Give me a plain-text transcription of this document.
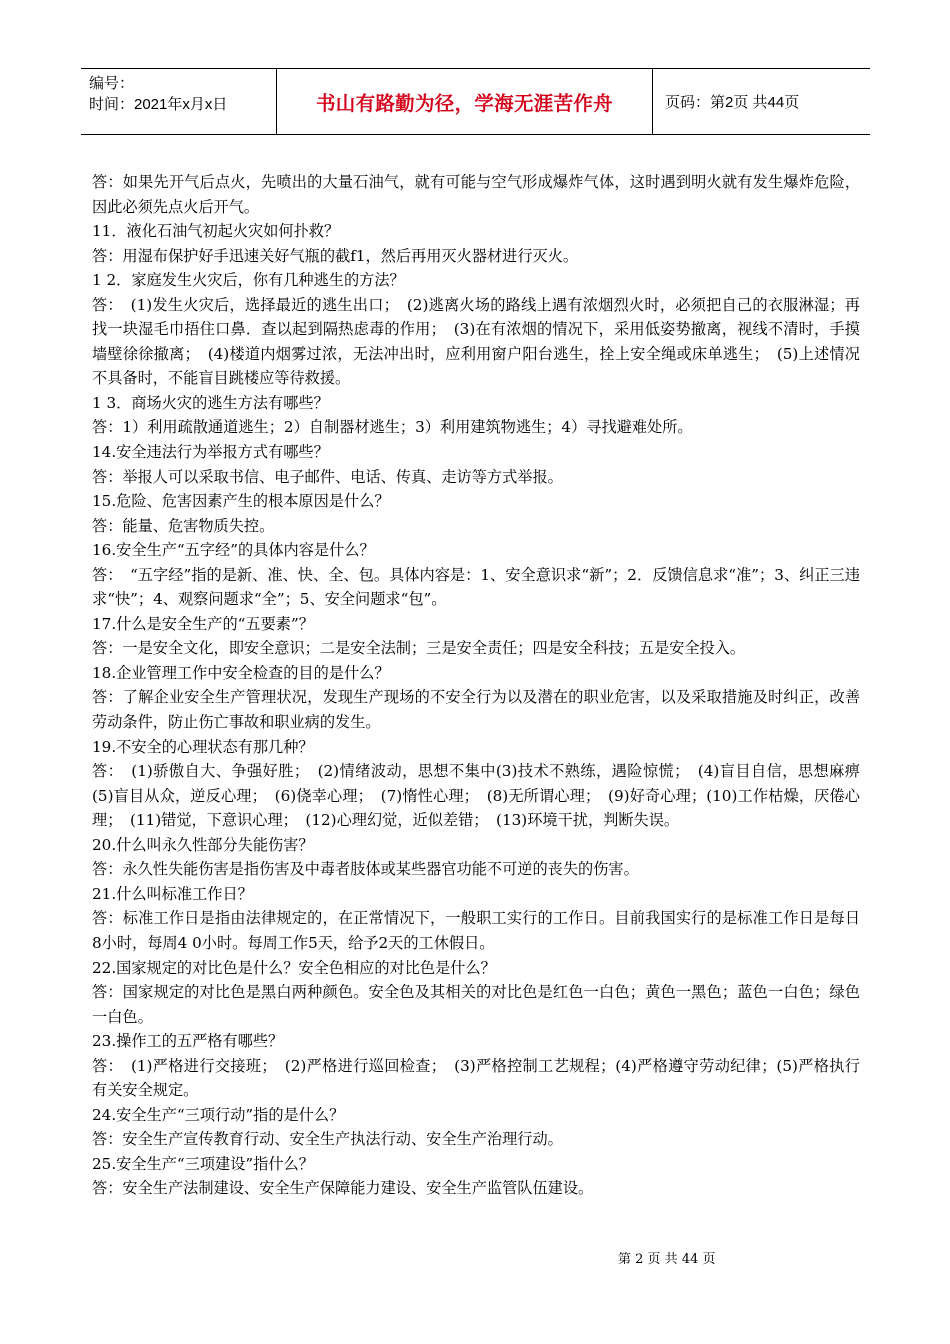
编号：
时间：2021年x月x日	书山有路勤为径，学海无涯苦作舟	页码：第2页 共44页

答：如果先开气后点火，先喷出的大量石油气，就有可能与空气形成爆炸气体，这时遇到明火就有发生爆炸危险，因此必须先点火后开气。

11．液化石油气初起火灾如何扑救？

答：用湿布保护好手迅速关好气瓶的截f1，然后再用灭火器材进行灭火。

1 2．家庭发生火灾后，你有几种逃生的方法？

答：　(1)发生火灾后，选择最近的逃生出口；　(2)逃离火场的路线上遇有浓烟烈火时，必须把自己的衣服淋湿；再找一块湿毛巾捂住口鼻．查以起到隔热虑毒的作用；　(3)在有浓烟的情况下，采用低姿势撤离，视线不清时，手摸墙壁徐徐撤离；　(4)楼道内烟雾过浓，无法冲出时，应利用窗户阳台逃生，拴上安全绳或床单逃生；　(5)上述情况不具备时，不能盲目跳楼应等待救援。

1 3．商场火灾的逃生方法有哪些？

答：1）利用疏散通道逃生；2）自制器材逃生；3）利用建筑物逃生；4）寻找避难处所。

14.安全违法行为举报方式有哪些？

答：举报人可以采取书信、电子邮件、电话、传真、走访等方式举报。

15.危险、危害因素产生的根本原因是什么？

答：能量、危害物质失控。

16.安全生产“五字经”的具体内容是什么？

答：　“五字经”指的是新、准、快、全、包。具体内容是：1、安全意识求“新”；2．反馈信息求“准”；3、纠正三违求“快”；4、观察问题求“全”；5、安全问题求“包”。

17.什么是安全生产的“五要素”？

答：一是安全文化，即安全意识；二是安全法制；三是安全责任；四是安全科技；五是安全投入。

18.企业管理工作中安全检查的目的是什么？

答：了解企业安全生产管理状况，发现生产现场的不安全行为以及潜在的职业危害，以及采取措施及时纠正，改善劳动条件，防止伤亡事故和职业病的发生。

19.不安全的心理状态有那几种？

答：　(1)骄傲自大、争强好胜；　(2)情绪波动，思想不集中(3)技术不熟练，遇险惊慌；　(4)盲目自信，思想麻痹(5)盲目从众，逆反心理；　(6)侥幸心理；　(7)惰性心理；　(8)无所谓心理；　(9)好奇心理；(10)工作枯燥，厌倦心理；　(11)错觉，下意识心理；　(12)心理幻觉，近似差错；　(13)环境干扰，判断失误。

20.什么叫永久性部分失能伤害？

答：永久性失能伤害是指伤害及中毒者肢体或某些器官功能不可逆的丧失的伤害。

21.什么叫标准工作日？

答：标准工作日是指由法律规定的，在正常情况下，一般职工实行的工作日。目前我国实行的是标准工作日是每日8小时，每周4 0小时。每周工作5天，给予2天的工休假日。

22.国家规定的对比色是什么？安全色相应的对比色是什么？

答：国家规定的对比色是黑白两种颜色。安全色及其相关的对比色是红色一白色；黄色一黑色；蓝色一白色；绿色一白色。

23.操作工的五严格有哪些？

答：　(1)严格进行交接班；　(2)严格进行巡回检查；　(3)严格控制工艺规程；(4)严格遵守劳动纪律；(5)严格执行有关安全规定。

24.安全生产“三项行动”指的是什么？

答：安全生产宣传教育行动、安全生产执法行动、安全生产治理行动。

25.安全生产“三项建设”指什么？

答：安全生产法制建设、安全生产保障能力建设、安全生产监管队伍建设。

第 2 页 共 44 页
